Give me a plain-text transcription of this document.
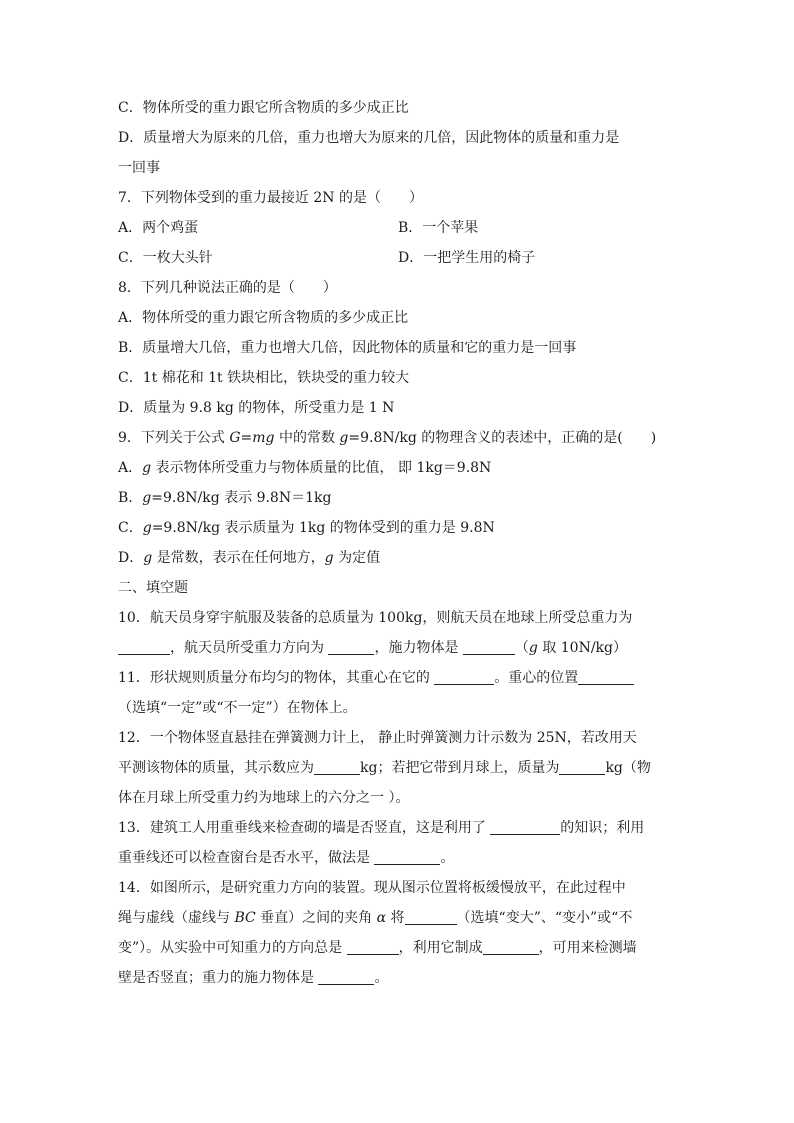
C．物体所受的重力跟它所含物质的多少成正比
D．质量增大为原来的几倍，重力也增大为原来的几倍，因此物体的质量和重力是
一回事
7．下列物体受到的重力最接近 2N 的是（　　）
A．两个鸡蛋	B．一个苹果
C．一枚大头针	D．一把学生用的椅子
8．下列几种说法正确的是（　　）
A．物体所受的重力跟它所含物质的多少成正比
B．质量增大几倍，重力也增大几倍，因此物体的质量和它的重力是一回事
C．1t 棉花和 1t 铁块相比，铁块受的重力较大
D．质量为 9.8 kg 的物体，所受重力是 1 N
9．下列关于公式 G=mg 中的常数 g=9.8N/kg 的物理含义的表述中，正确的是(　　)
A．g 表示物体所受重力与物体质量的比值， 即 1kg＝9.8N
B．g=9.8N/kg 表示 9.8N＝1kg
C．g=9.8N/kg 表示质量为 1kg 的物体受到的重力是 9.8N
D．g 是常数，表示在任何地方，g 为定值
二、填空题
10．航天员身穿宇航服及装备的总质量为 100kg，则航天员在地球上所受总重力为
，航天员所受重力方向为	，施力物体是	（g 取 10N/kg）
11．形状规则质量分布均匀的物体，其重心在它的	。重心的位置
（选填“一定”或“不一定”）在物体上。
12．一个物体竖直悬挂在弹簧测力计上， 静止时弹簧测力计示数为 25N，若改用天
平测该物体的质量，其示数应为	kg；若把它带到月球上，质量为	kg（物
体在月球上所受重力约为地球上的六分之一 ）。
13．建筑工人用重垂线来检查砌的墙是否竖直，这是利用了	的知识；利用
重垂线还可以检查窗台是否水平，做法是	。
14．如图所示，是研究重力方向的装置。现从图示位置将板缓慢放平，在此过程中
绳与虚线（虚线与 BC 垂直）之间的夹角 α 将	（选填“变大”、“变小”或“不
变”）。从实验中可知重力的方向总是	，利用它制成	，可用来检测墙
壁是否竖直；重力的施力物体是	。
